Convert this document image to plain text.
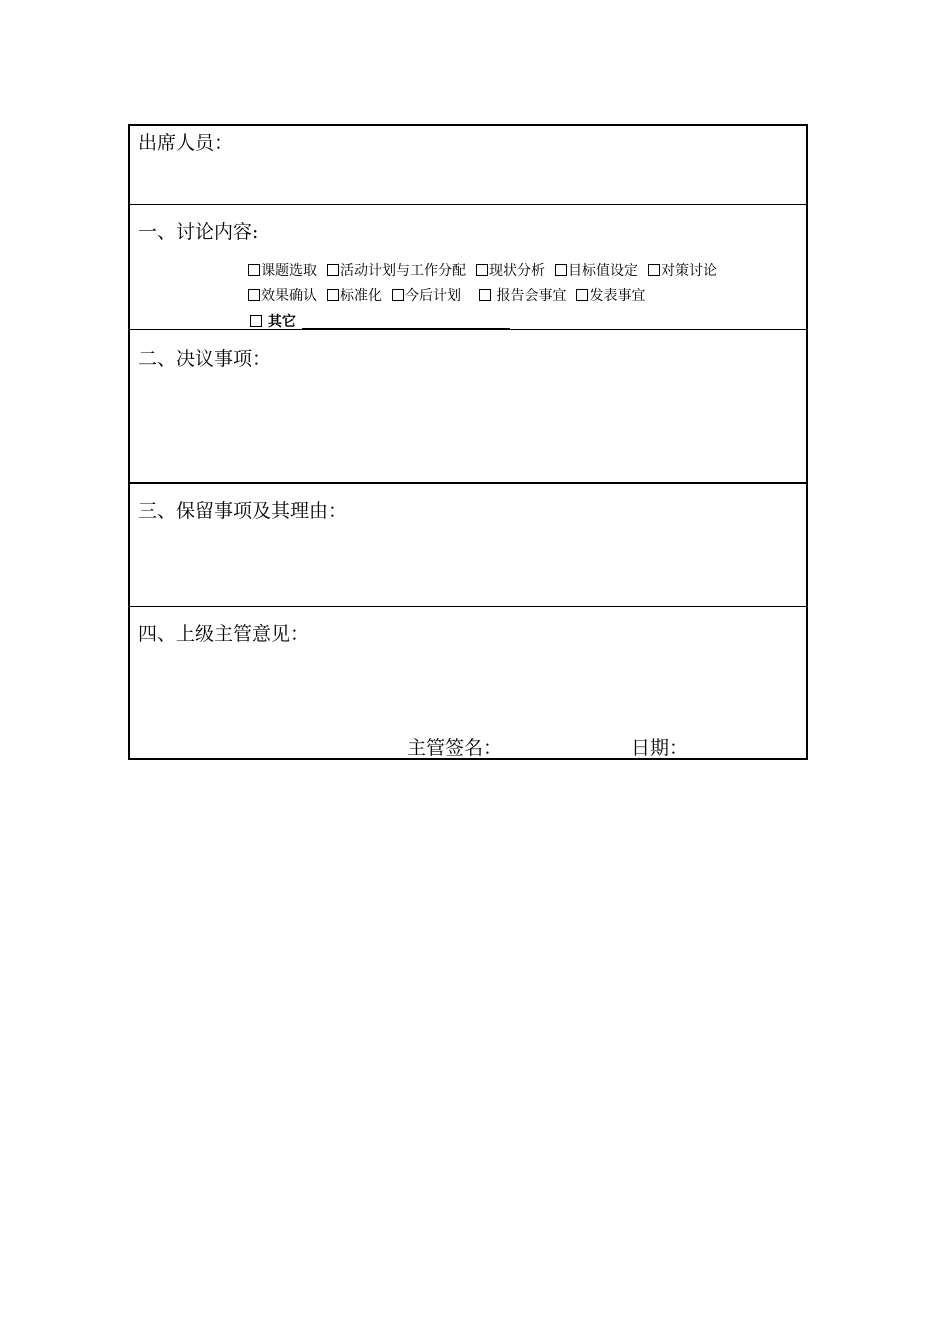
出席人员：
一、讨论内容:
课题选取 活动计划与工作分配 现状分析 目标值设定 对策讨论
效果确认 标准化 今后计划 报告会事宜 发表事宜
其它
二、决议事项：
三、保留事项及其理由：
四、上级主管意见：
主管签名：	日期：
